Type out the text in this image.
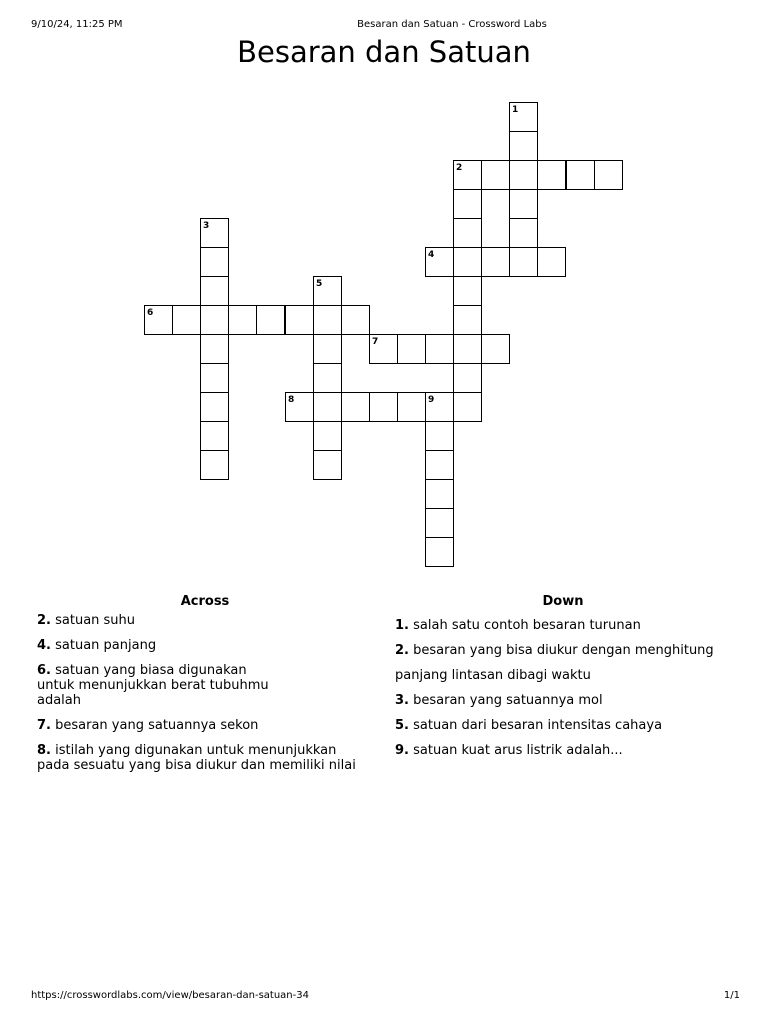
9/10/24, 11:25 PM	Besaran dan Satuan - Crossword Labs
Besaran dan Satuan
1
2
3
4
5
6
7
8	9
Across
2. satuan suhu
4. satuan panjang
6. satuan yang biasa digunakan untuk menunjukkan berat tubuhmu adalah
7. besaran yang satuannya sekon
8. istilah yang digunakan untuk menunjukkan pada sesuatu yang bisa diukur dan memiliki nilai
Down
1. salah satu contoh besaran turunan
2. besaran yang bisa diukur dengan menghitung panjang lintasan dibagi waktu
3. besaran yang satuannya mol
5. satuan dari besaran intensitas cahaya
9. satuan kuat arus listrik adalah...
https://crosswordlabs.com/view/besaran-dan-satuan-34	1/1
